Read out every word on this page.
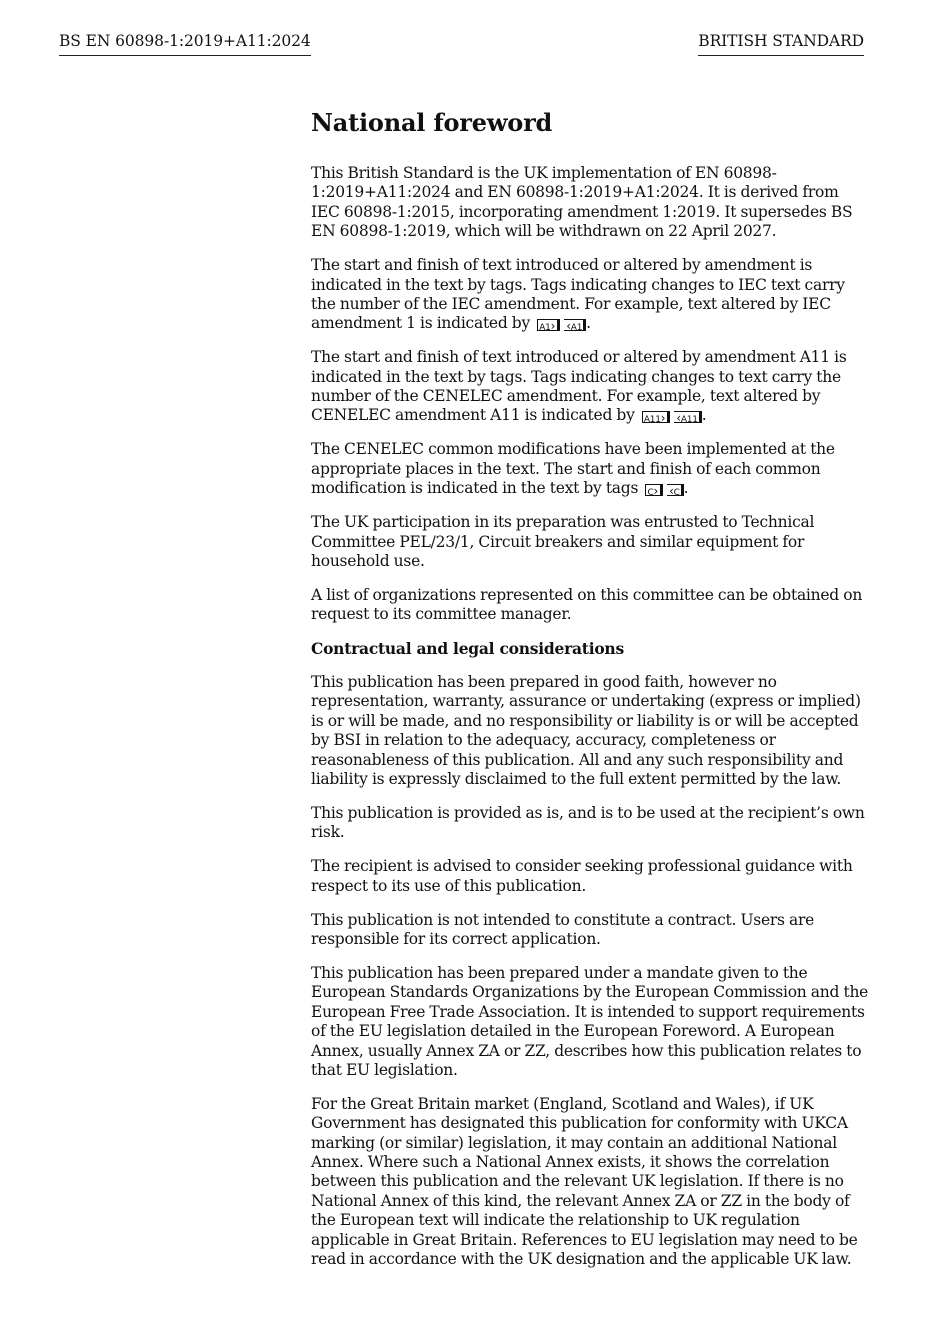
BS EN 60898-1:2019+A11:2024	BRITISH STANDARD
National foreword

This British Standard is the UK implementation of EN 60898-1:2019+A11:2024 and EN 60898-1:2019+A1:2024. It is derived from IEC 60898-1:2015, incorporating amendment 1:2019. It supersedes BS EN 60898-1:2019, which will be withdrawn on 22 April 2027.

The start and finish of text introduced or altered by amendment is indicated in the text by tags. Tags indicating changes to IEC text carry the number of the IEC amendment. For example, text altered by IEC amendment 1 is indicated by A1 › ‹ A1 .

The start and finish of text introduced or altered by amendment A11 is indicated in the text by tags. Tags indicating changes to text carry the number of the CENELEC amendment. For example, text altered by CENELEC amendment A11 is indicated by A11 › ‹ A11 .

The CENELEC common modifications have been implemented at the appropriate places in the text. The start and finish of each common modification is indicated in the text by tags C › ‹ C .

The UK participation in its preparation was entrusted to Technical Committee PEL/23/1, Circuit breakers and similar equipment for household use.

A list of organizations represented on this committee can be obtained on request to its committee manager.

Contractual and legal considerations

This publication has been prepared in good faith, however no representation, warranty, assurance or undertaking (express or implied) is or will be made, and no responsibility or liability is or will be accepted by BSI in relation to the adequacy, accuracy, completeness or reasonableness of this publication. All and any such responsibility and liability is expressly disclaimed to the full extent permitted by the law.

This publication is provided as is, and is to be used at the recipient’s own risk.

The recipient is advised to consider seeking professional guidance with respect to its use of this publication.

This publication is not intended to constitute a contract. Users are responsible for its correct application.

This publication has been prepared under a mandate given to the European Standards Organizations by the European Commission and the European Free Trade Association. It is intended to support requirements of the EU legislation detailed in the European Foreword. A European Annex, usually Annex ZA or ZZ, describes how this publication relates to that EU legislation.

For the Great Britain market (England, Scotland and Wales), if UK Government has designated this publication for conformity with UKCA marking (or similar) legislation, it may contain an additional National Annex. Where such a National Annex exists, it shows the correlation between this publication and the relevant UK legislation. If there is no National Annex of this kind, the relevant Annex ZA or ZZ in the body of the European text will indicate the relationship to UK regulation applicable in Great Britain. References to EU legislation may need to be read in accordance with the UK designation and the applicable UK law.
